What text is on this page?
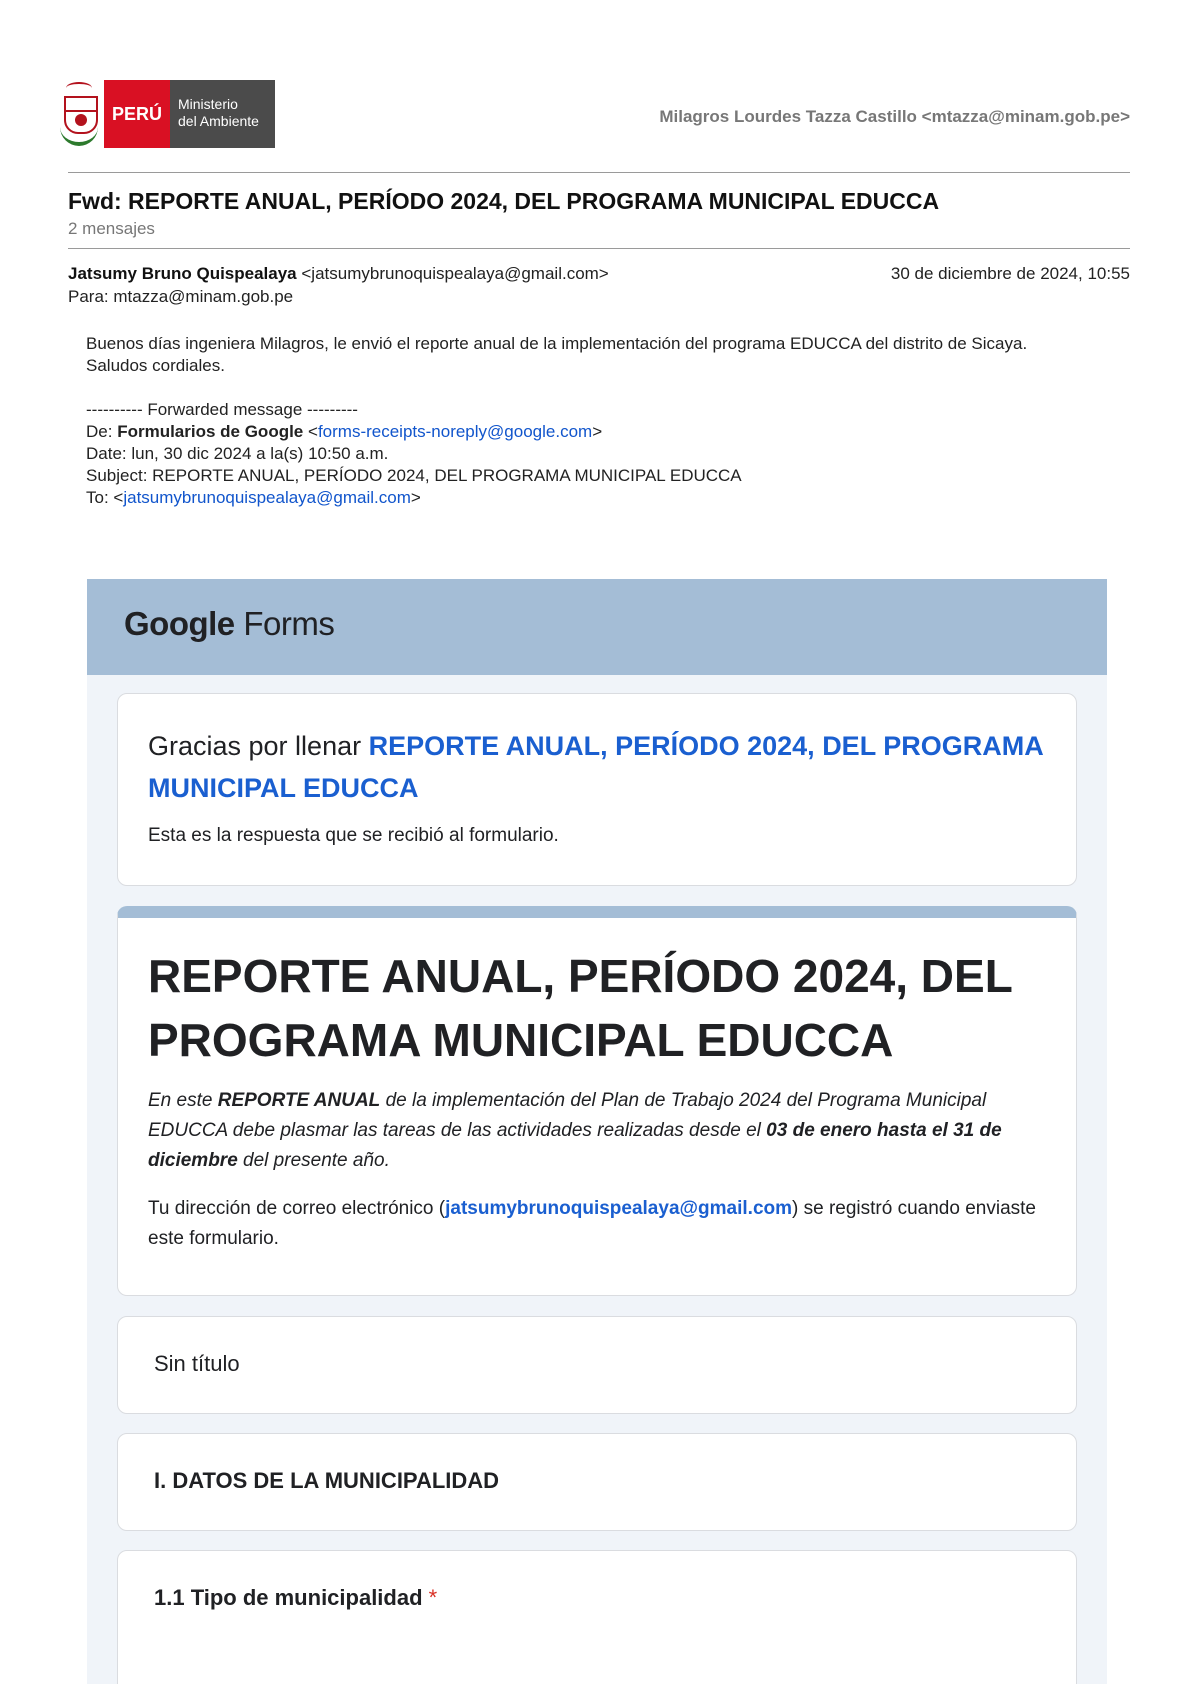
PERÚ	Ministerio
del Ambiente	Milagros Lourdes Tazza Castillo <mtazza@minam.gob.pe>
Fwd: REPORTE ANUAL, PERÍODO 2024, DEL PROGRAMA MUNICIPAL EDUCCA
2 mensajes
Jatsumy Bruno Quispealaya <jatsumybrunoquispealaya@gmail.com>	30 de diciembre de 2024, 10:55
Para: mtazza@minam.gob.pe

Buenos días ingeniera Milagros, le envió el reporte anual de la implementación del programa EDUCCA del distrito de Sicaya.

Saludos cordiales.

---------- Forwarded message ---------

De: Formularios de Google <forms-receipts-noreply@google.com>

Date: lun, 30 dic 2024 a la(s) 10:50 a.m.

Subject: REPORTE ANUAL, PERÍODO 2024, DEL PROGRAMA MUNICIPAL EDUCCA

To: <jatsumybrunoquispealaya@gmail.com>

Google Forms
Gracias por llenar REPORTE ANUAL, PERÍODO 2024, DEL PROGRAMA MUNICIPAL EDUCCA
Esta es la respuesta que se recibió al formulario.
REPORTE ANUAL, PERÍODO 2024, DEL PROGRAMA MUNICIPAL EDUCCA
En este REPORTE ANUAL de la implementación del Plan de Trabajo 2024 del Programa Municipal EDUCCA debe plasmar las tareas de las actividades realizadas desde el 03 de enero hasta el 31 de diciembre del presente año.
Tu dirección de correo electrónico (jatsumybrunoquispealaya@gmail.com) se registró cuando enviaste este formulario.
Sin título
I. DATOS DE LA MUNICIPALIDAD
1.1 Tipo de municipalidad *
